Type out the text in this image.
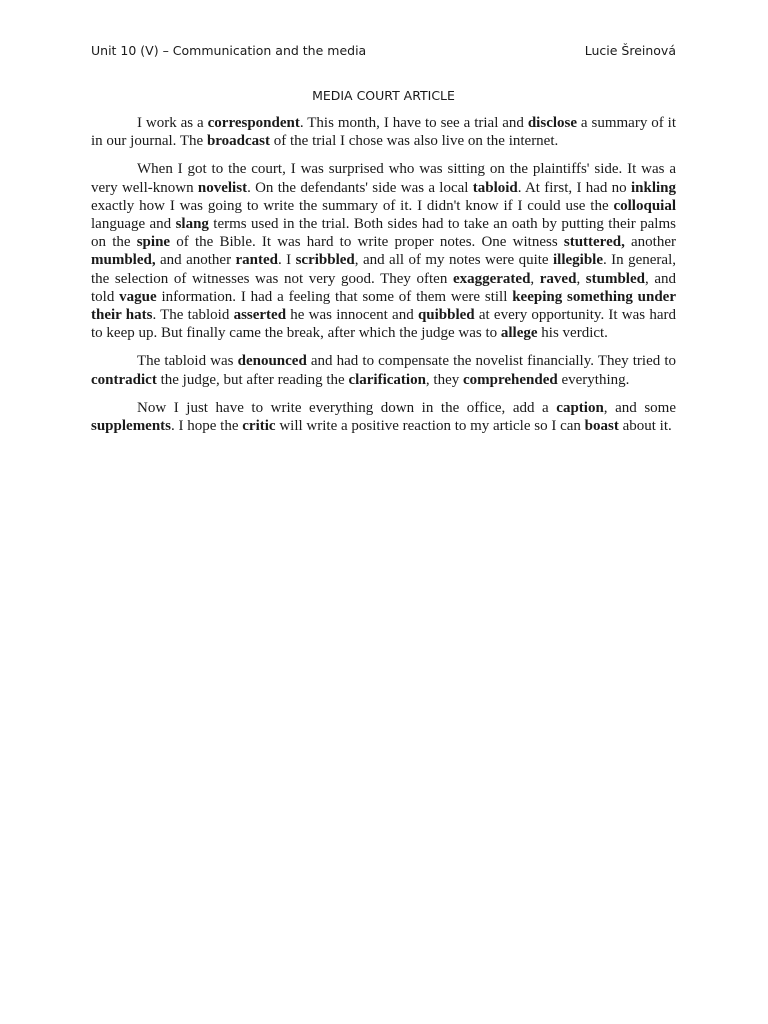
Unit 10 (V) – Communication and the media	Lucie Šreinová
MEDIA COURT ARTICLE

I work as a correspondent. This month, I have to see a trial and disclose a summary of it in our journal. The broadcast of the trial I chose was also live on the internet.

When I got to the court, I was surprised who was sitting on the plaintiffs' side. It was a very well-known novelist. On the defendants' side was a local tabloid. At first, I had no inkling exactly how I was going to write the summary of it. I didn't know if I could use the colloquial language and slang terms used in the trial. Both sides had to take an oath by putting their palms on the spine of the Bible. It was hard to write proper notes. One witness stuttered, another mumbled, and another ranted. I scribbled, and all of my notes were quite illegible. In general, the selection of witnesses was not very good. They often exaggerated, raved, stumbled, and told vague information. I had a feeling that some of them were still keeping something under their hats. The tabloid asserted he was innocent and quibbled at every opportunity. It was hard to keep up. But finally came the break, after which the judge was to allege his verdict.

The tabloid was denounced and had to compensate the novelist financially. They tried to contradict the judge, but after reading the clarification, they comprehended everything.

Now I just have to write everything down in the office, add a caption, and some supplements. I hope the critic will write a positive reaction to my article so I can boast about it.
